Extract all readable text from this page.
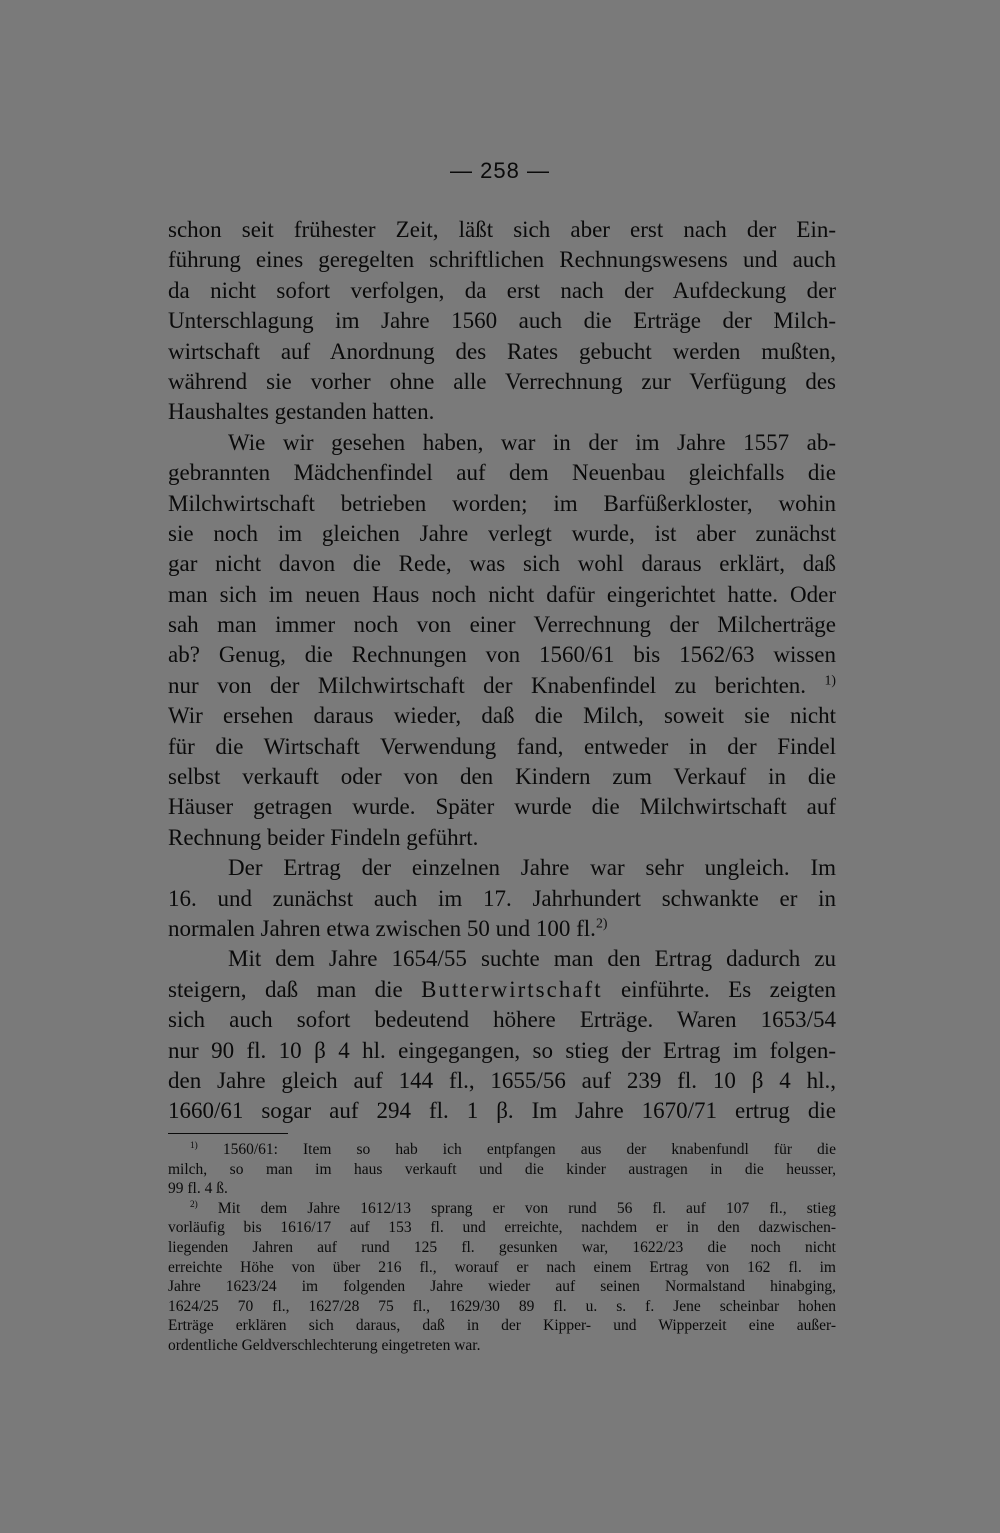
— 258 —
schon seit frühester Zeit, läßt sich aber erst nach der Ein-
führung eines geregelten schriftlichen Rechnungswesens und auch
da nicht sofort verfolgen, da erst nach der Aufdeckung der
Unterschlagung im Jahre 1560 auch die Erträge der Milch-
wirtschaft auf Anordnung des Rates gebucht werden mußten,
während sie vorher ohne alle Verrechnung zur Verfügung des
Haushaltes gestanden hatten.
Wie wir gesehen haben, war in der im Jahre 1557 ab-
gebrannten Mädchenfindel auf dem Neuenbau gleichfalls die
Milchwirtschaft betrieben worden; im Barfüßerkloster, wohin
sie noch im gleichen Jahre verlegt wurde, ist aber zunächst
gar nicht davon die Rede, was sich wohl daraus erklärt, daß
man sich im neuen Haus noch nicht dafür eingerichtet hatte. Oder
sah man immer noch von einer Verrechnung der Milcherträge
ab? Genug, die Rechnungen von 1560/61 bis 1562/63 wissen
nur von der Milchwirtschaft der Knabenfindel zu berichten. $^{1)}$
Wir ersehen daraus wieder, daß die Milch, soweit sie nicht
für die Wirtschaft Verwendung fand, entweder in der Findel
selbst verkauft oder von den Kindern zum Verkauf in die
Häuser getragen wurde. Später wurde die Milchwirtschaft auf
Rechnung beider Findeln geführt.
Der Ertrag der einzelnen Jahre war sehr ungleich. Im
16. und zunächst auch im 17. Jahrhundert schwankte er in
normalen Jahren etwa zwischen 50 und 100 fl.$^{2)}$
Mit dem Jahre 1654/55 suchte man den Ertrag dadurch zu
steigern, daß man die Butterwirtschaft einführte. Es zeigten
sich auch sofort bedeutend höhere Erträge. Waren 1653/54
nur 90 fl. 10 β 4 hl. eingegangen, so stieg der Ertrag im folgen-
den Jahre gleich auf 144 fl., 1655/56 auf 239 fl. 10 β 4 hl.,
1660/61 sogar auf 294 fl. 1 β. Im Jahre 1670/71 ertrug die
$^{1)}$ 1560/61: Item so hab ich entpfangen aus der knabenfundl für die
milch, so man im haus verkauft und die kinder austragen in die heusser,
99 fl. 4 ß.
$^{2)}$ Mit dem Jahre 1612/13 sprang er von rund 56 fl. auf 107 fl., stieg
vorläufig bis 1616/17 auf 153 fl. und erreichte, nachdem er in den dazwischen-
liegenden Jahren auf rund 125 fl. gesunken war, 1622/23 die noch nicht
erreichte Höhe von über 216 fl., worauf er nach einem Ertrag von 162 fl. im
Jahre 1623/24 im folgenden Jahre wieder auf seinen Normalstand hinabging,
1624/25 70 fl., 1627/28 75 fl., 1629/30 89 fl. u. s. f. Jene scheinbar hohen
Erträge erklären sich daraus, daß in der Kipper- und Wipperzeit eine außer-
ordentliche Geldverschlechterung eingetreten war.
